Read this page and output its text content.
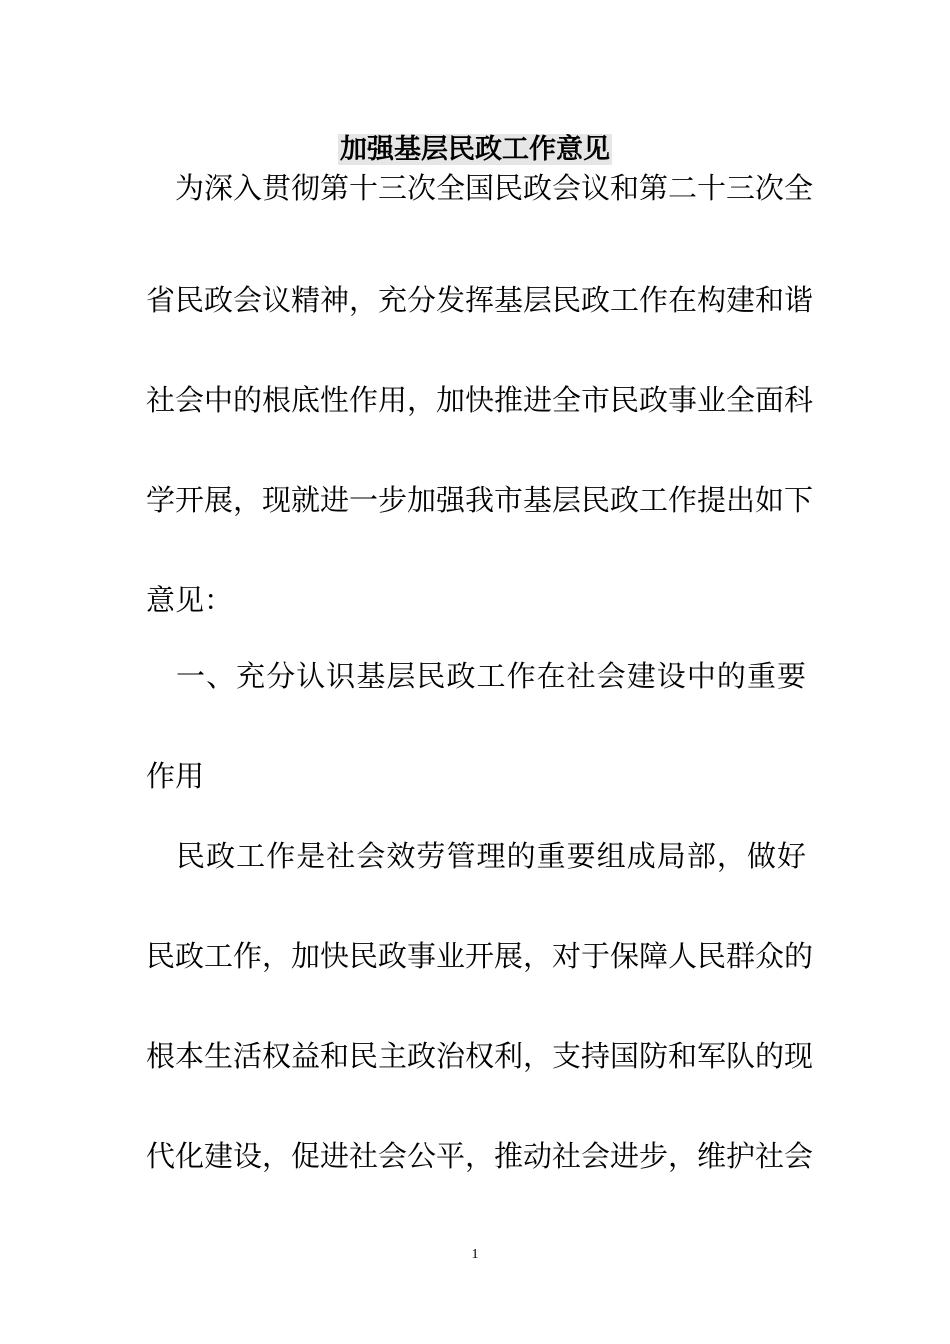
加强基层民政工作意见
　为深入贯彻第十三次全国民政会议和第二十三次全
省民政会议精神，充分发挥基层民政工作在构建和谐
社会中的根底性作用，加快推进全市民政事业全面科
学开展，现就进一步加强我市基层民政工作提出如下
意见：
　一、充分认识基层民政工作在社会建设中的重要
作用
　民政工作是社会效劳管理的重要组成局部，做好
民政工作，加快民政事业开展，对于保障人民群众的
根本生活权益和民主政治权利，支持国防和军队的现
代化建设，促进社会公平，推动社会进步，维护社会
1
